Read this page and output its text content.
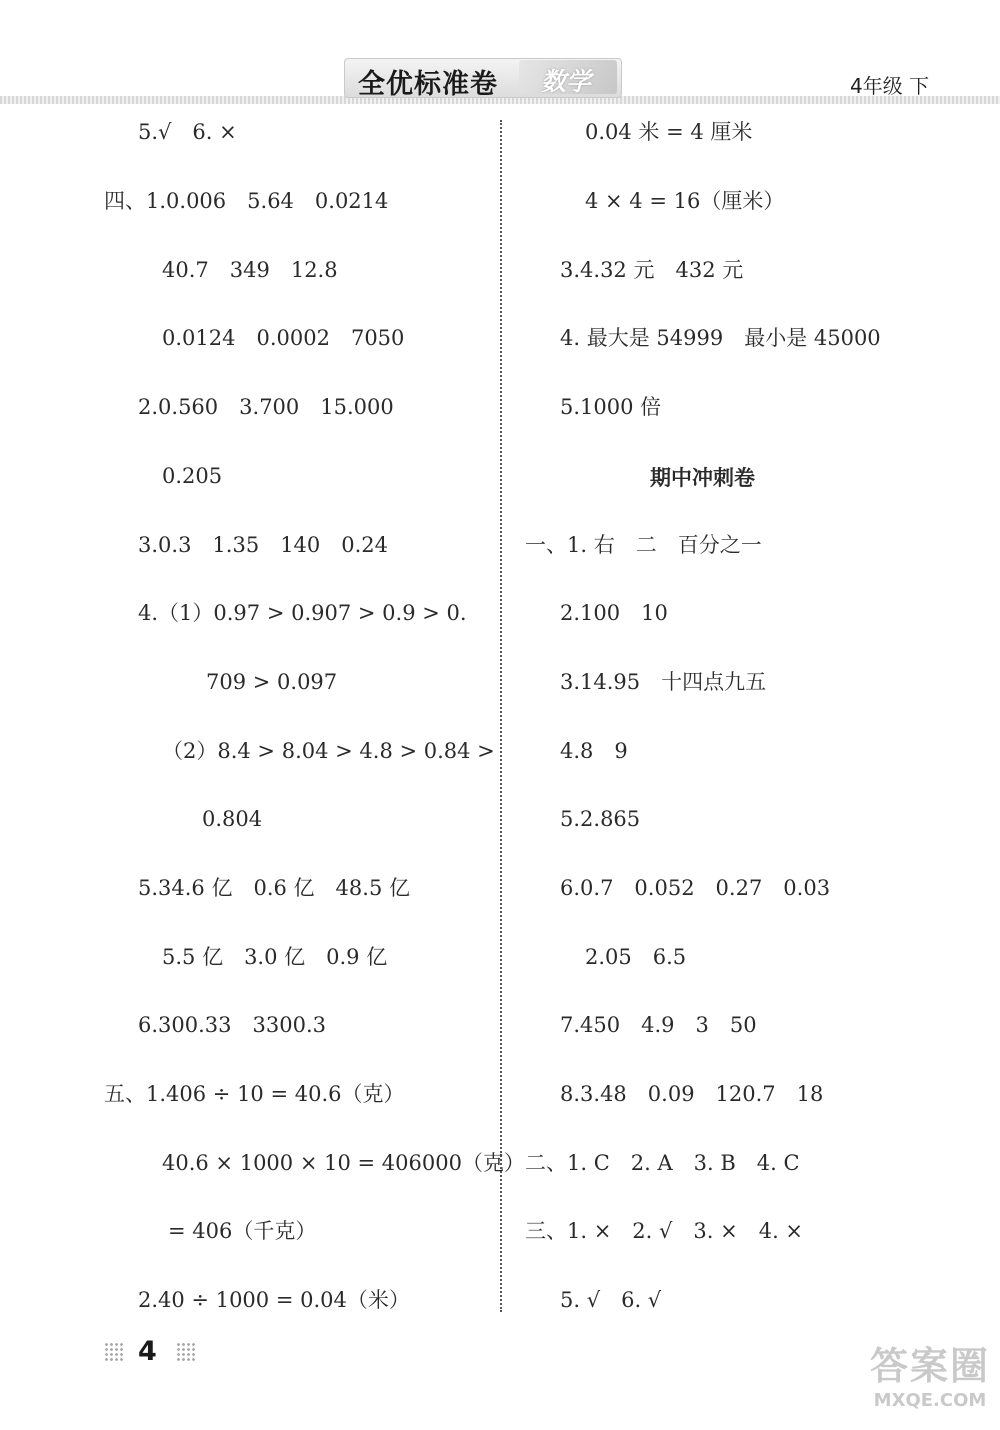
全优标准卷 数学	4年级 下
5.√　6. ×
四、1.0.006　5.64　0.0214
40.7　349　12.8
0.0124　0.0002　7050
2.0.560　3.700　15.000
0.205
3.0.3　1.35　140　0.24
4.（1）0.97 > 0.907 > 0.9 > 0.
709 > 0.097
（2）8.4 > 8.04 > 4.8 > 0.84 >
0.804
5.34.6 亿　0.6 亿　48.5 亿
5.5 亿　3.0 亿　0.9 亿
6.300.33　3300.3
五、1.406 ÷ 10 = 40.6（克）
40.6 × 1000 × 10 = 406000（克）
= 406（千克）
2.40 ÷ 1000 = 0.04（米）
0.04 米 = 4 厘米
4 × 4 = 16（厘米）
3.4.32 元　432 元
4. 最大是 54999　最小是 45000
5.1000 倍
期中冲刺卷
一、1. 右　二　百分之一
2.100　10
3.14.95　十四点九五
4.8　9
5.2.865
6.0.7　0.052　0.27　0.03
2.05　6.5
7.450　4.9　3　50
8.3.48　0.09　120.7　18
二、1. C　2. A　3. B　4. C
三、1. ×　2. √　3. ×　4. ×
5. √　6. √
4	答案圈
MXQE.COM
